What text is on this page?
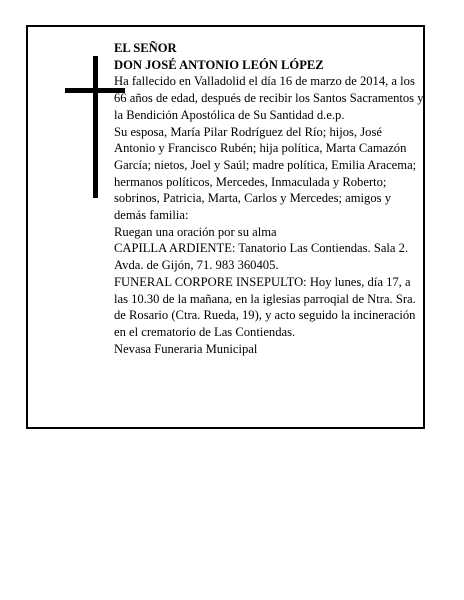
EL SEÑOR

DON JOSÉ ANTONIO LEÓN LÓPEZ

Ha fallecido en Valladolid el día 16 de marzo de 2014, a los 66 años de edad, después de recibir los Santos Sacramentos y la Bendición Apostólica de Su Santidad d.e.p.

Su esposa, María Pilar Rodríguez del Río; hijos, José Antonio y Francisco Rubén; hija política, Marta Camazón García; nietos, Joel y Saúl; madre política, Emilia Aracema; hermanos políticos, Mercedes, Inmaculada y Roberto; sobrinos, Patricia, Marta, Carlos y Mercedes; amigos y demás familia:

Ruegan una oración por su alma

CAPILLA ARDIENTE: Tanatorio Las Contiendas. Sala 2. Avda. de Gijón, 71. 983 360405.

FUNERAL CORPORE INSEPULTO: Hoy lunes, día 17, a las 10.30 de la mañana, en la iglesias parroqial de Ntra. Sra. de Rosario (Ctra. Rueda, 19), y acto seguido la incineración en el crematorio de Las Contiendas.

Nevasa Funeraria Municipal
